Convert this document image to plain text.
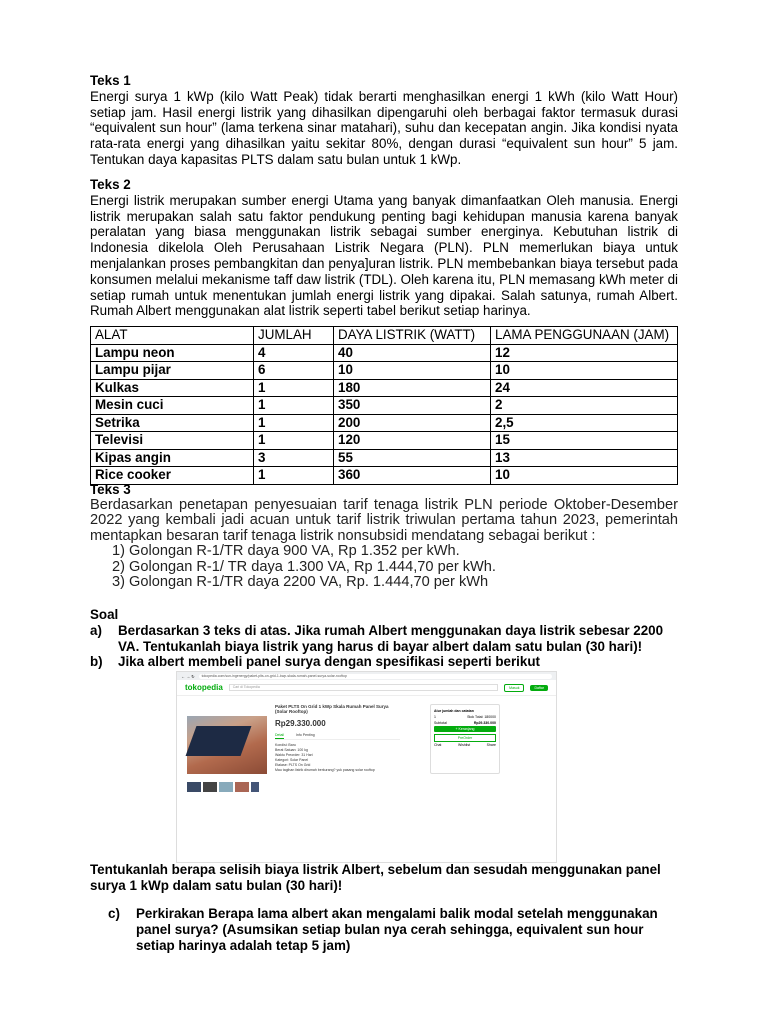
Teks 1
Energi surya 1 kWp (kilo Watt Peak) tidak berarti menghasilkan energi 1 kWh (kilo Watt Hour) setiap jam. Hasil energi listrik yang dihasilkan dipengaruhi oleh berbagai faktor termasuk durasi “equivalent sun hour” (lama terkena sinar matahari), suhu dan kecepatan angin. Jika kondisi nyata rata-rata energi yang dihasilkan yaitu sekitar 80%, dengan durasi “equivalent sun hour” 5 jam. Tentukan daya kapasitas PLTS dalam satu bulan untuk 1 kWp.
Teks 2
Energi listrik merupakan sumber energi Utama yang banyak dimanfaatkan Oleh manusia. Energi listrik merupakan salah satu faktor pendukung penting bagi kehidupan manusia karena banyak peralatan yang biasa menggunakan listrik sebagai sumber energinya. Kebutuhan listrik di Indonesia dikelola Oleh Perusahaan Listrik Negara (PLN). PLN memerlukan biaya untuk menjalankan proses pembangkitan dan penya]uran listrik. PLN membebankan biaya tersebut pada konsumen melalui mekanisme taff daw listrik (TDL). Oleh karena itu, PLN memasang kWh meter di setiap rumah untuk menentukan jumlah energi listrik yang dipakai. Salah satunya, rumah Albert. Rumah Albert menggunakan alat listrik seperti tabel berikut setiap harinya.
ALAT	JUMLAH	DAYA LISTRIK (WATT)	LAMA PENGGUNAAN (JAM)
Lampu neon	4	40	12
Lampu pijar	6	10	10
Kulkas	1	180	24
Mesin cuci	1	350	2
Setrika	1	200	2,5
Televisi	1	120	15
Kipas angin	3	55	13
Rice cooker	1	360	10
Teks 3
Berdasarkan penetapan penyesuaian tarif tenaga listrik PLN periode Oktober-Desember 2022 yang kembali jadi acuan untuk tarif listrik triwulan pertama tahun 2023, pemerintah mentapkan besaran tarif tenaga listrik nonsubsidi mendatang sebagai berikut :
1) Golongan R-1/TR daya 900 VA, Rp 1.352 per kWh.
2) Golongan R-1/ TR daya 1.300 VA, Rp 1.444,70 per kWh.
3) Golongan R-1/TR daya 2200 VA, Rp. 1.444,70 per kWh
Soal
a)	Berdasarkan 3 teks di atas. Jika rumah Albert menggunakan daya listrik sebesar 2200 VA. Tentukanlah biaya listrik yang harus di bayar albert dalam satu bulan (30 hari)!
b)	Jika albert membeli panel surya dengan spesifikasi seperti berikut
← → ↻	tokopedia.com/sun-ingenergy/paket-plts-on-grid-1-kwp-skala-rumah-panel-surya-solar-rooftop
tokopedia	Cari di Tokopedia	Masuk	Daftar
Paket PLTS On Grid 1 kWp Skala Rumah Panel Surya (Solar Rooftop)
Rp29.330.000
Detail	Info Penting
Kondisi: Baru
Berat Satuan: 100 kg
Waktu Preorder: 31 Hari
Kategori: Solar Panel
Etalase: PLTS On Grid
Mau tagihan listrik dirumah berkurang? yuk pasang solar rooftop
Atur jumlah dan catatan
1	Stok Total: 180000
Subtotal	Rp29.330.000
+ Keranjang
PreOrder
Chat	Wishlist	Share
Tentukanlah berapa selisih biaya listrik Albert, sebelum dan sesudah menggunakan panel surya 1 kWp dalam satu bulan (30 hari)!
c)	Perkirakan Berapa lama albert akan mengalami balik modal setelah menggunakan panel surya? (Asumsikan setiap bulan nya cerah sehingga, equivalent sun hour setiap harinya adalah tetap 5 jam)
